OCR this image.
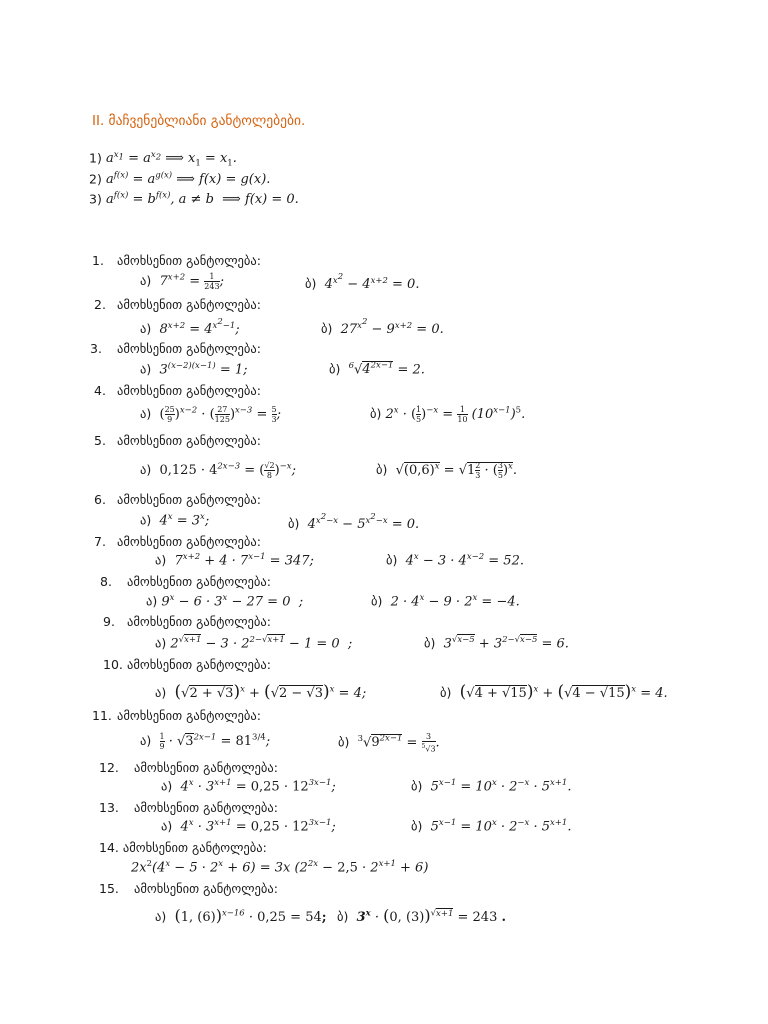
II. მაჩვენებლიანი განტოლებები.
1) $a^{x_1} = a^{x_2}$ ⟹ $x_1 = x_1$.
2) $a^{f(x)} = a^{g(x)}$ ⟹ f(x) = g(x).
3) $a^{f(x)} = b^{f(x)}$, a ≠ b  ⟹ f(x) = 0.
1. ამოხსენით განტოლება:
ა)  $7^{x+2} = \frac{1}{243}$ ;	ბ)  $4^{x^2} - 4^{x+2} = 0$.
2. ამოხსენით განტოლება:
ა)  $8^{x+2} = 4^{x^2-1}$;	ბ)  $27^{x^2} - 9^{x+2} = 0$.
3. ამოხსენით განტოლება:
ა)  $3^{(x-2)(x-1)} = 1$;	ბ) $^6√4^{2x-1} = 2$.
4. ამოხსენით განტოლება:
ა) ( $\frac{25}{9} )^{x-2}$ · ( $\frac{27}{125} )^{x-3} = \frac{5}{3}$ ;	ბ) $2^x$ · ( $\frac{1}{5} )^{-x} = \frac{1}{10} (10^{x-1})^5$.
5. ამოხსენით განტოლება:
ა) $0,125 \cdot 4^{2x-3}$ = ( $\frac{√2}{8} )^{-x}$;	ბ) $√(0,6)^x = √1 \frac{2}{3}$ · ( $\frac{3}{5} )^x$.
6. ამოხსენით განტოლება:
ა)  $4^x = 3^x$;	ბ)  $4^{x^2-x} - 5^{x^2-x} = 0$.
7. ამოხსენით განტოლება:
ა)  $7^{x+2} + 4 \cdot 7^{x-1} = 347$;	ბ)  $4^x - 3 \cdot 4^{x-2} = 52$.
8. ამოხსენით განტოლება:
ა) $9^x - 6 \cdot 3^x - 27 = 0$  ;	ბ)  $2 \cdot 4^x - 9 \cdot 2^x = -4$.
9. ამოხსენით განტოლება:
ა) $2^{√x+1} - 3 \cdot 2^{2-√x+1} - 1 = 0$  ;	ბ)  $3^{√x-5} + 3^{2-√x-5} = 6$.
10. ამოხსენით განტოლება:
ა) $(√2 + √3)^x + (√2 - √3)^x = 4$;	ბ) $(√4 + √15)^x + (√4 - √15)^x = 4$.
11. ამოხსენით განტოლება:
ა) $\frac{1}{9} \cdot √3^{2x-1} = 81^{3/4}$;	ბ) $^3√9^{2x-1} = \frac{3}{^5√3}$ .
12. ამოხსენით განტოლება:
ა)  $4^x \cdot 3^{x+1} = 0,25 \cdot 12^{3x-1}$;	ბ)  $5^{x-1} = 10^x \cdot 2^{-x} \cdot 5^{x+1}$.
13. ამოხსენით განტოლება:
ა)  $4^x \cdot 3^{x+1} = 0,25 \cdot 12^{3x-1}$;	ბ)  $5^{x-1} = 10^x \cdot 2^{-x} \cdot 5^{x+1}$.
14. ამოხსენით განტოლება:
$2x^2(4^x - 5 \cdot 2^x + 6) = 3x$ $(2^{2x} - 2,5 \cdot 2^{x+1} + 6)$
15. ამოხსენით განტოლება:
ა) (1, (6))$^{x-16}$ · 0,25 = 54; ბ) $3^x \cdot (0$, (3))$^{√x+1}$ = 243 .
